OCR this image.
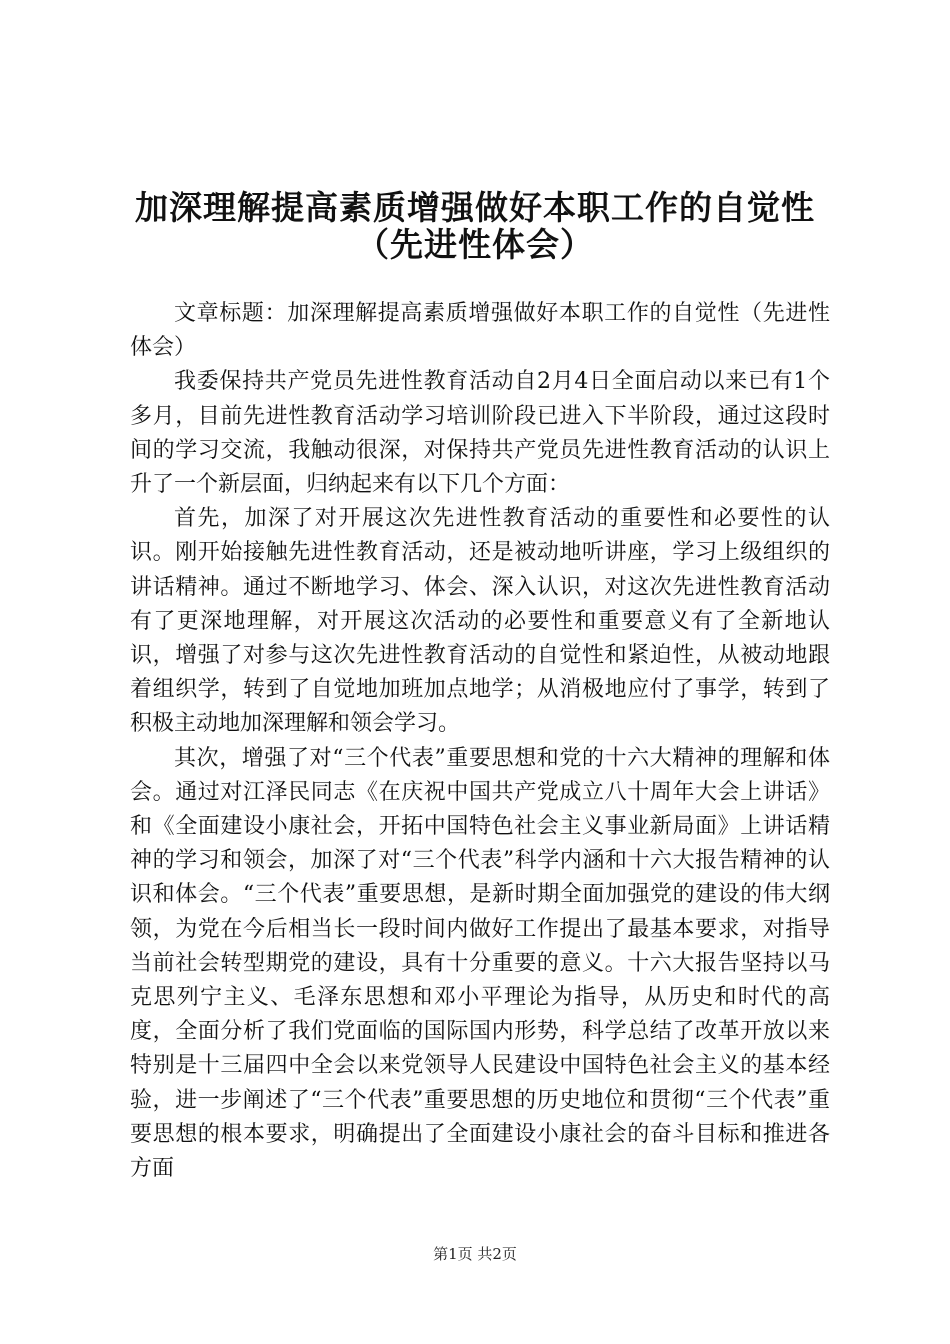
加深理解提高素质增强做好本职工作的自觉性
（先进性体会）

文章标题：加深理解提高素质增强做好本职工作的自觉性（先进性体会）

我委保持共产党员先进性教育活动自2月4日全面启动以来已有1个多月，目前先进性教育活动学习培训阶段已进入下半阶段，通过这段时间的学习交流，我触动很深，对保持共产党员先进性教育活动的认识上升了一个新层面，归纳起来有以下几个方面：

首先，加深了对开展这次先进性教育活动的重要性和必要性的认识。刚开始接触先进性教育活动，还是被动地听讲座，学习上级组织的讲话精神。通过不断地学习、体会、深入认识，对这次先进性教育活动有了更深地理解，对开展这次活动的必要性和重要意义有了全新地认识，增强了对参与这次先进性教育活动的自觉性和紧迫性，从被动地跟着组织学，转到了自觉地加班加点地学；从消极地应付了事学，转到了积极主动地加深理解和领会学习。

其次，增强了对“三个代表”重要思想和党的十六大精神的理解和体会。通过对江泽民同志《在庆祝中国共产党成立八十周年大会上讲话》和《全面建设小康社会，开拓中国特色社会主义事业新局面》上讲话精神的学习和领会，加深了对“三个代表”科学内涵和十六大报告精神的认识和体会。“三个代表”重要思想，是新时期全面加强党的建设的伟大纲领，为党在今后相当长一段时间内做好工作提出了最基本要求，对指导当前社会转型期党的建设，具有十分重要的意义。十六大报告坚持以马克思列宁主义、毛泽东思想和邓小平理论为指导，从历史和时代的高度，全面分析了我们党面临的国际国内形势，科学总结了改革开放以来特别是十三届四中全会以来党领导人民建设中国特色社会主义的基本经验，进一步阐述了“三个代表”重要思想的历史地位和贯彻“三个代表”重要思想的根本要求，明确提出了全面建设小康社会的奋斗目标和推进各方面

第1页 共2页
